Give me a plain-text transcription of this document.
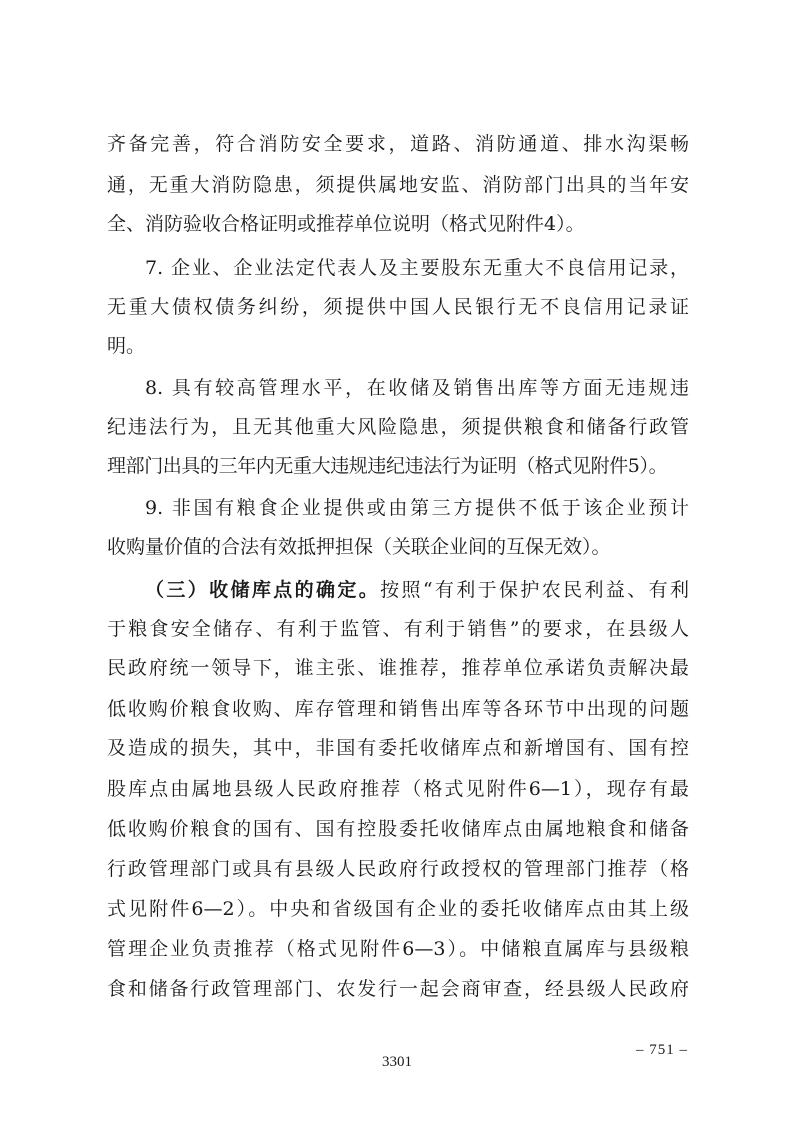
齐备完善，符合消防安全要求，道路、消防通道、排水沟渠畅
通，无重大消防隐患，须提供属地安监、消防部门出具的当年安
全、消防验收合格证明或推荐单位说明（格式见附件4）。
7. 企业、企业法定代表人及主要股东无重大不良信用记录，
无重大债权债务纠纷，须提供中国人民银行无不良信用记录证
明。
8. 具有较高管理水平，在收储及销售出库等方面无违规违
纪违法行为，且无其他重大风险隐患，须提供粮食和储备行政管
理部门出具的三年内无重大违规违纪违法行为证明（格式见附件5）。
9. 非国有粮食企业提供或由第三方提供不低于该企业预计
收购量价值的合法有效抵押担保（关联企业间的互保无效）。
（三）收储库点的确定。按照“有利于保护农民利益、有利
于粮食安全储存、有利于监管、有利于销售”的要求，在县级人
民政府统一领导下，谁主张、谁推荐，推荐单位承诺负责解决最
低收购价粮食收购、库存管理和销售出库等各环节中出现的问题
及造成的损失，其中，非国有委托收储库点和新增国有、国有控
股库点由属地县级人民政府推荐（格式见附件6—1），现存有最
低收购价粮食的国有、国有控股委托收储库点由属地粮食和储备
行政管理部门或具有县级人民政府行政授权的管理部门推荐（格
式见附件6—2）。中央和省级国有企业的委托收储库点由其上级
管理企业负责推荐（格式见附件6—3）。中储粮直属库与县级粮
食和储备行政管理部门、农发行一起会商审查，经县级人民政府
– 751 –
3301
